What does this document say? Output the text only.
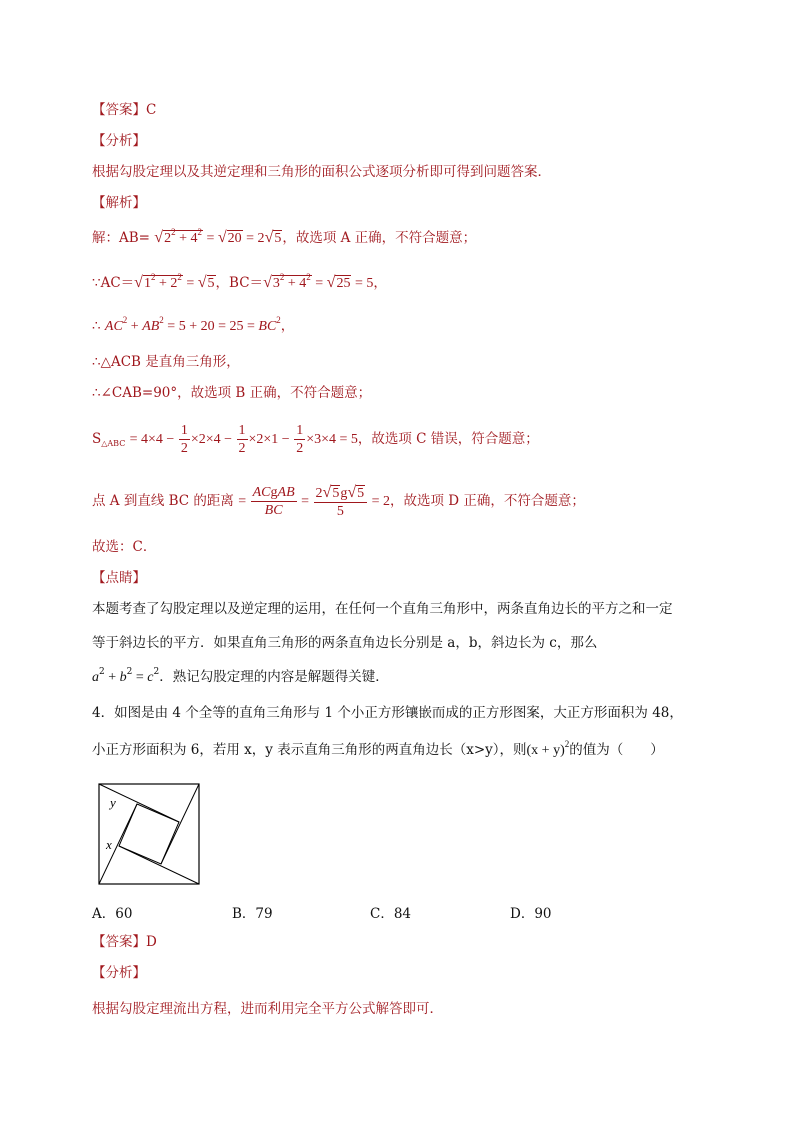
【答案】C
【分析】
根据勾股定理以及其逆定理和三角形的面积公式逐项分析即可得到问题答案．
【解析】
解：$AB= √2^2 + 4^2 = √20 = 2√5$，故选项 A 正确，不符合题意；
$\because AC=√1^2 + 2^2 = √5$，$BC=√3^2 + 4^2 = √25 = 5$，
∴ $AC^2 + AB^2 = 5 + 20 = 25 = BC^2$，
∴△ACB 是直角三角形，
∴∠CAB=90°，故选项 B 正确，不符合题意；
$S_{\triangle ABC} = 4\times 4 - \frac{1}{2} \times 2\times 4 - \frac{1}{2} \times 2\times 1 - \frac{1}{2} \times 3\times 4 = 5$，故选项 C 错误，符合题意；
点 A 到直线 BC 的距离 = $\frac{\text{ACgAB}}{BC} = \frac{2√5g√5}{5} = 2$，故选项 D 正确，不符合题意；
故选：C．
【点睛】
本题考查了勾股定理以及逆定理的运用，在任何一个直角三角形中，两条直角边长的平方之和一定
等于斜边长的平方．如果直角三角形的两条直角边长分别是 a，b，斜边长为 c，那么
$a^2 + b^2 = c^2$．熟记勾股定理的内容是解题得关键．
4．如图是由 4 个全等的直角三角形与 1 个小正方形镶嵌而成的正方形图案，大正方形面积为 48，
小正方形面积为 6，若用 x，y 表示直角三角形的两直角边长（x>y），则$(x + y)^2$的值为（　　）
y
x
A．60	B．79	C．84	D．90
【答案】D
【分析】
根据勾股定理流出方程，进而利用完全平方公式解答即可．
